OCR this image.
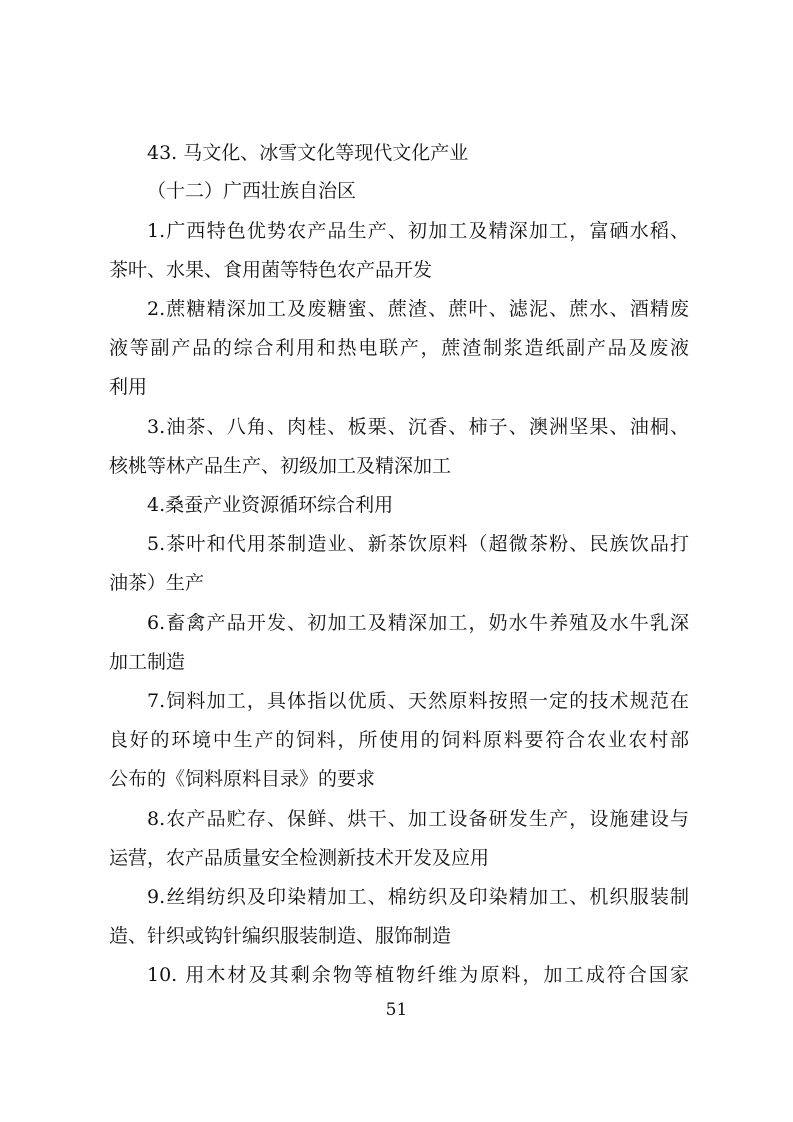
43. 马文化、冰雪文化等现代文化产业
（十二）广西壮族自治区
1.广西特色优势农产品生产、初加工及精深加工，富硒水稻、
茶叶、水果、食用菌等特色农产品开发
2.蔗糖精深加工及废糖蜜、蔗渣、蔗叶、滤泥、蔗水、酒精废
液等副产品的综合利用和热电联产，蔗渣制浆造纸副产品及废液
利用
3.油茶、八角、肉桂、板栗、沉香、柿子、澳洲坚果、油桐、
核桃等林产品生产、初级加工及精深加工
4.桑蚕产业资源循环综合利用
5.茶叶和代用茶制造业、新茶饮原料（超微茶粉、民族饮品打
油茶）生产
6.畜禽产品开发、初加工及精深加工，奶水牛养殖及水牛乳深
加工制造
7.饲料加工，具体指以优质、天然原料按照一定的技术规范在
良好的环境中生产的饲料，所使用的饲料原料要符合农业农村部
公布的《饲料原料目录》的要求
8.农产品贮存、保鲜、烘干、加工设备研发生产，设施建设与
运营，农产品质量安全检测新技术开发及应用
9.丝绢纺织及印染精加工、棉纺织及印染精加工、机织服装制
造、针织或钩针编织服装制造、服饰制造
10. 用木材及其剩余物等植物纤维为原料，加工成符合国家
51
